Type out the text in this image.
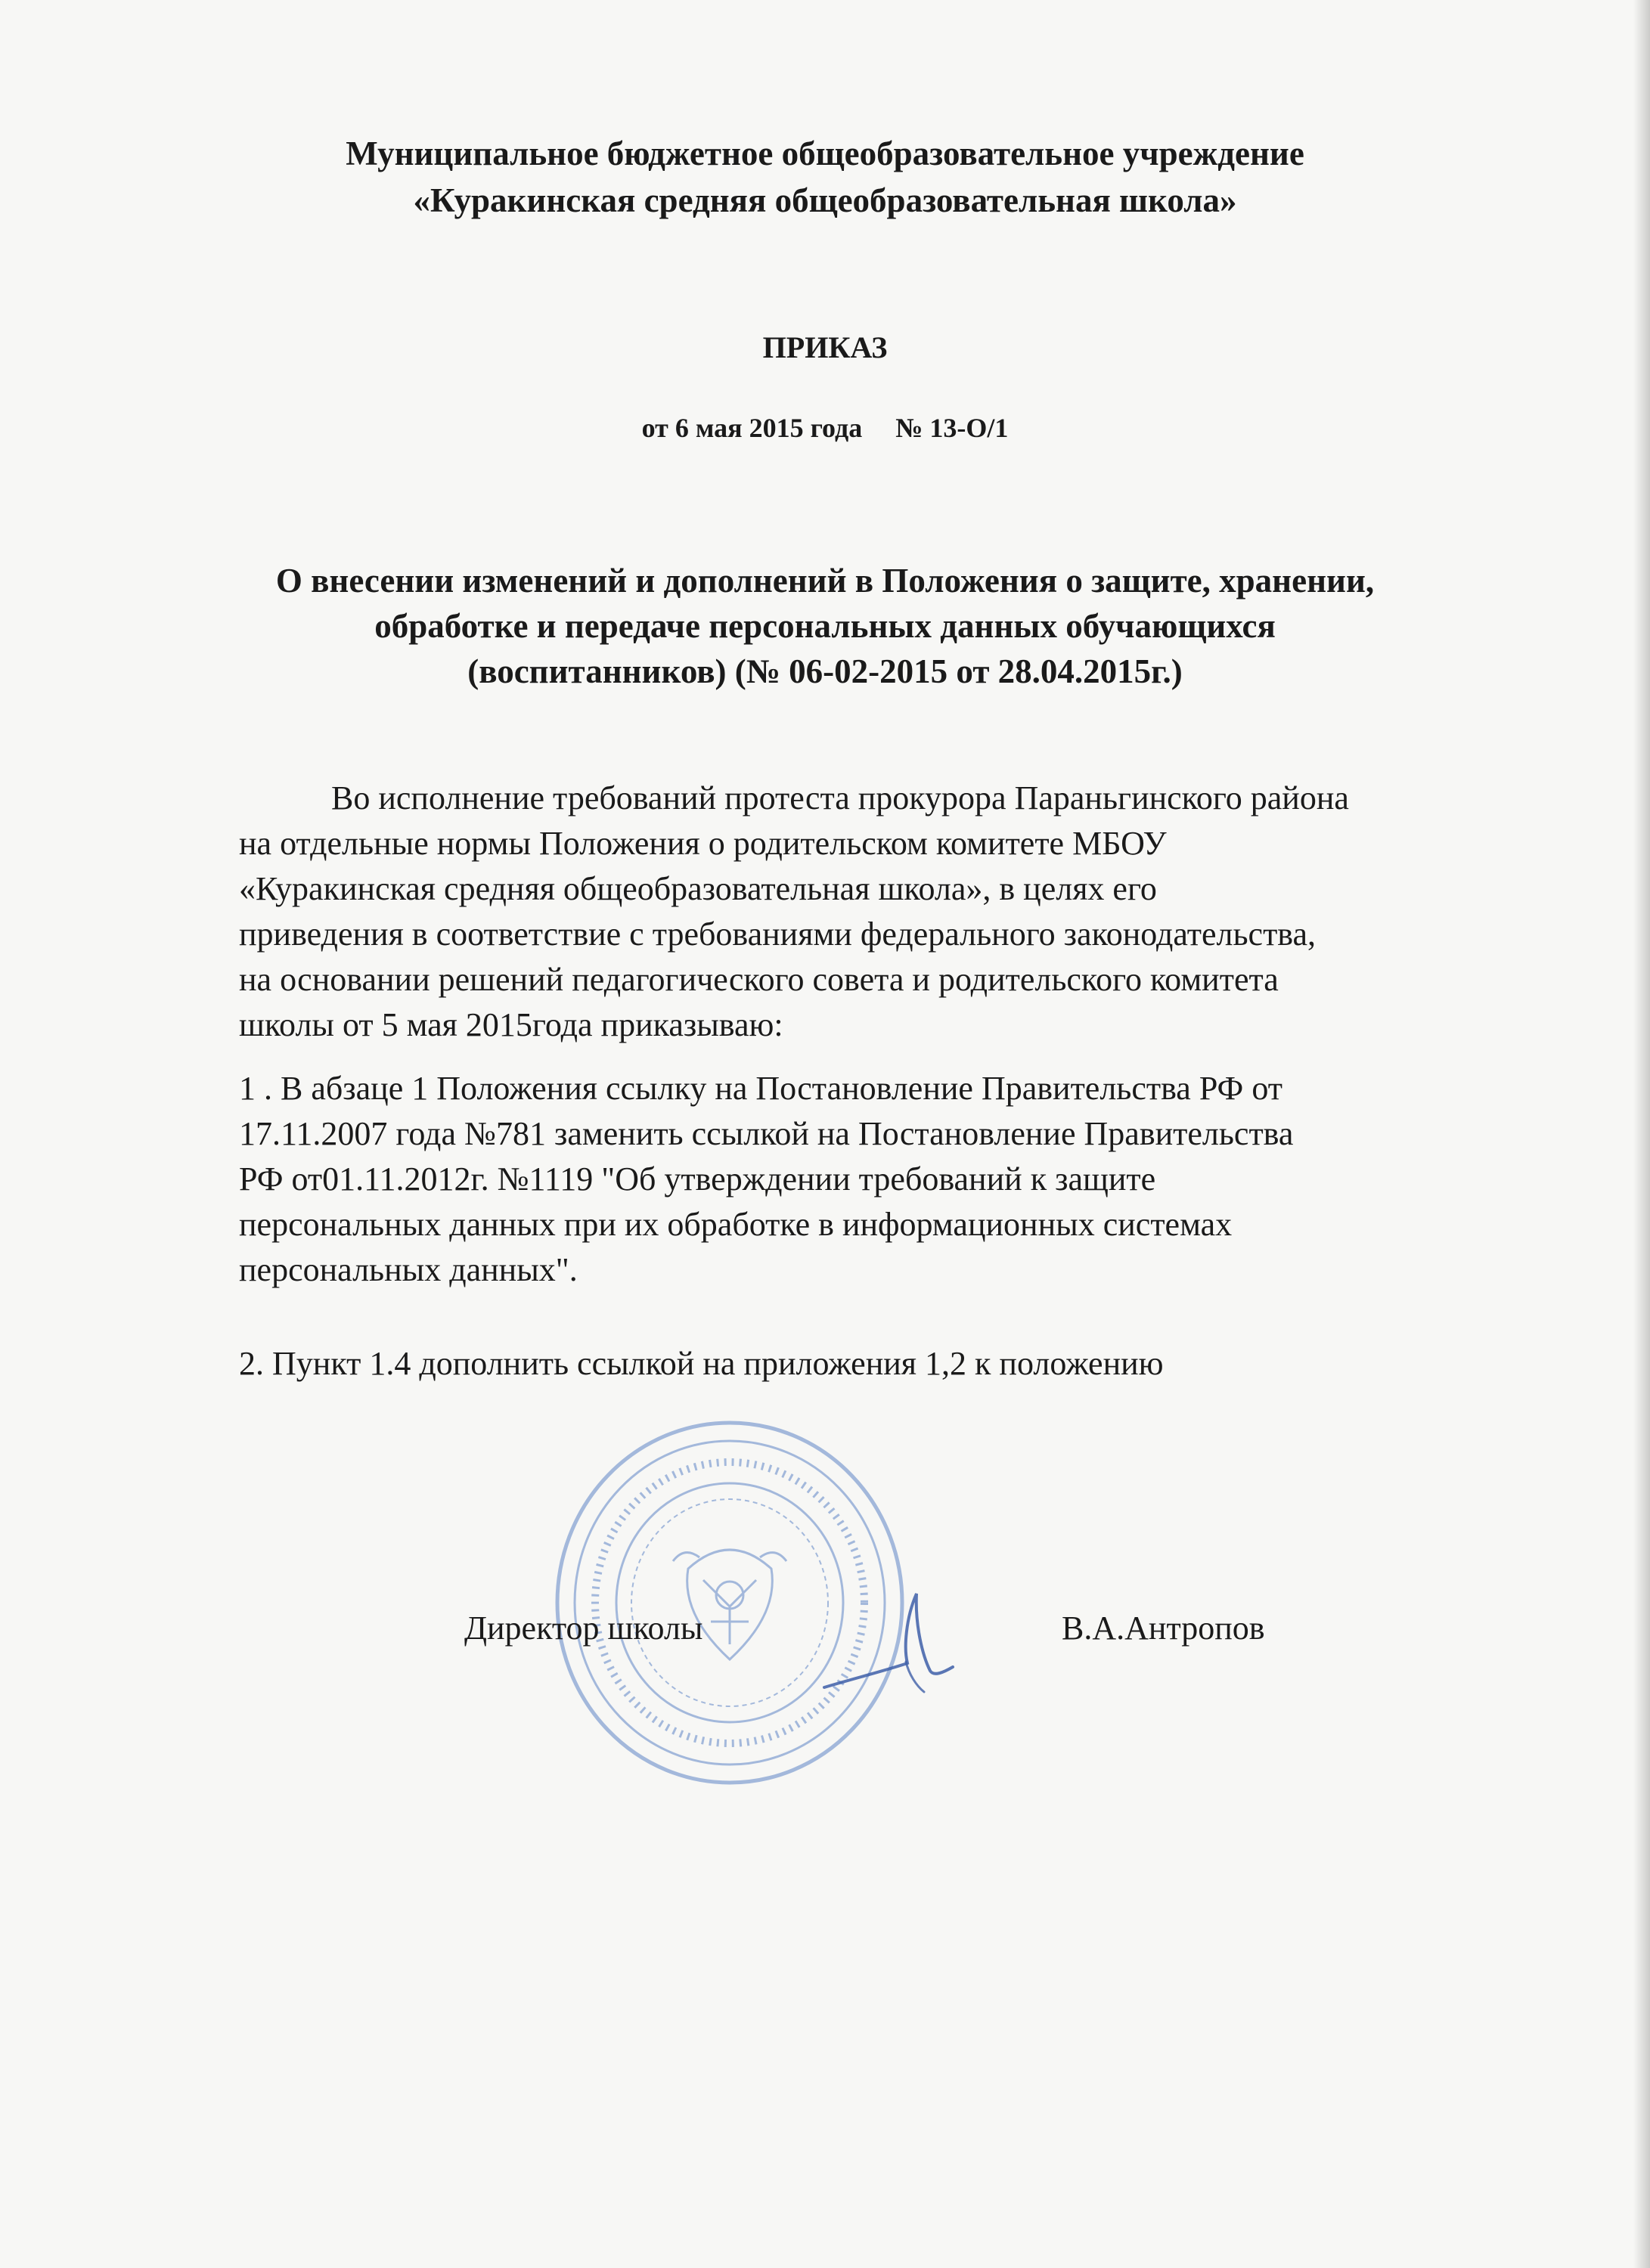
Муниципальное бюджетное общеобразовательное учреждение
«Куракинская средняя общеобразовательная школа»
ПРИКАЗ
от 6 мая 2015 года № 13-О/1
О внесении изменений и дополнений в Положения о защите, хранении,
обработке и передаче персональных данных обучающихся
(воспитанников) (№ 06-02-2015 от 28.04.2015г.)
Во исполнение требований протеста прокурора Параньгинского района
на отдельные нормы Положения о родительском комитете МБОУ
«Куракинская средняя общеобразовательная школа», в целях его
приведения в соответствие с требованиями федерального законодательства,
на основании решений педагогического совета и родительского комитета
школы от 5 мая 2015года приказываю:
1 . В абзаце 1 Положения ссылку на Постановление Правительства РФ от
17.11.2007 года №781 заменить ссылкой на Постановление Правительства
РФ от01.11.2012г. №1119 "Об утверждении требований к защите
персональных данных при их обработке в информационных системах
персональных данных".
2. Пункт 1.4 дополнить ссылкой на приложения 1,2 к положению
Директор школы	В.А.Антропов
